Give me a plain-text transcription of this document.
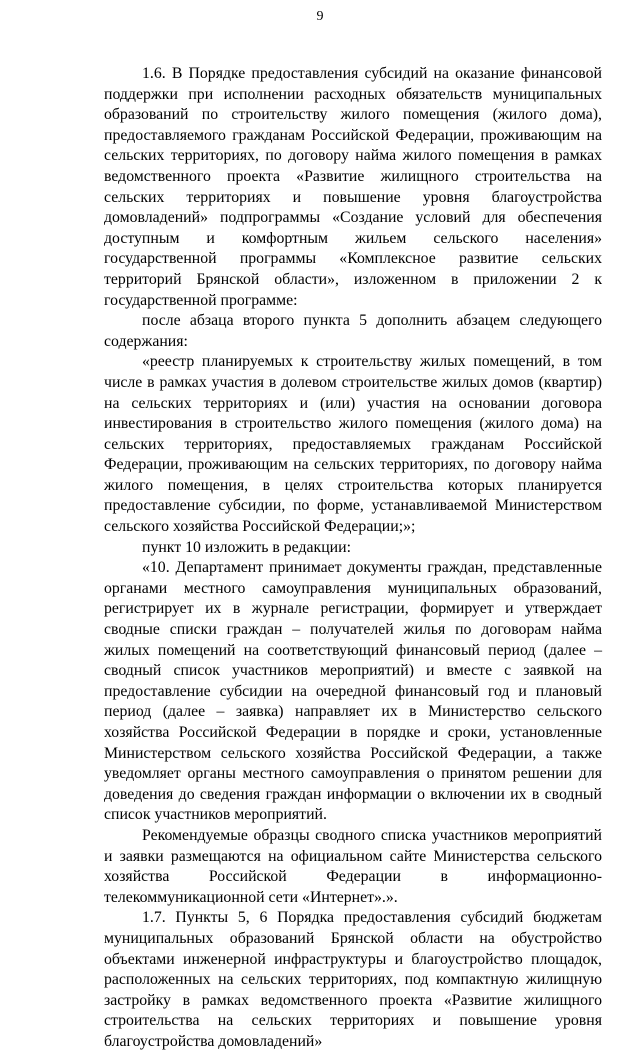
9

1.6. В Порядке предоставления субсидий на оказание финансовой поддержки при исполнении расходных обязательств муниципальных образований по строительству жилого помещения (жилого дома), предоставляемого гражданам Российской Федерации, проживающим на сельских территориях, по договору найма жилого помещения в рамках ведомственного проекта «Развитие жилищного строительства на сельских территориях и повышение уровня благоустройства домовладений» подпрограммы «Создание условий для обеспечения доступным и комфортным жильем сельского населения» государственной программы «Комплексное развитие сельских территорий Брянской области», изложенном в приложении 2 к государственной программе:

после абзаца второго пункта 5 дополнить абзацем следующего содержания:

«реестр планируемых к строительству жилых помещений, в том числе в рамках участия в долевом строительстве жилых домов (квартир) на сельских территориях и (или) участия на основании договора инвестирования в строительство жилого помещения (жилого дома) на сельских территориях, предоставляемых гражданам Российской Федерации, проживающим на сельских территориях, по договору найма жилого помещения, в целях строительства которых планируется предоставление субсидии, по форме, устанавливаемой Министерством сельского хозяйства Российской Федерации;»;

пункт 10 изложить в редакции:

«10. Департамент принимает документы граждан, представленные органами местного самоуправления муниципальных образований, регистрирует их в журнале регистрации, формирует и утверждает сводные списки граждан – получателей жилья по договорам найма жилых помещений на соответствующий финансовый период (далее – сводный список участников мероприятий) и вместе с заявкой на предоставление субсидии на очередной финансовый год и плановый период (далее – заявка) направляет их в Министерство сельского хозяйства Российской Федерации в порядке и сроки, установленные Министерством сельского хозяйства Российской Федерации, а также уведомляет органы местного самоуправления о принятом решении для доведения до сведения граждан информации о включении их в сводный список участников мероприятий.

Рекомендуемые образцы сводного списка участников мероприятий и заявки размещаются на официальном сайте Министерства сельского хозяйства Российской Федерации в информационно-телекоммуникационной сети «Интернет».».

1.7. Пункты 5, 6 Порядка предоставления субсидий бюджетам муниципальных образований Брянской области на обустройство объектами инженерной инфраструктуры и благоустройство площадок, расположенных на сельских территориях, под компактную жилищную застройку в рамках ведомственного проекта «Развитие жилищного строительства на сельских территориях и повышение уровня благоустройства домовладений»
